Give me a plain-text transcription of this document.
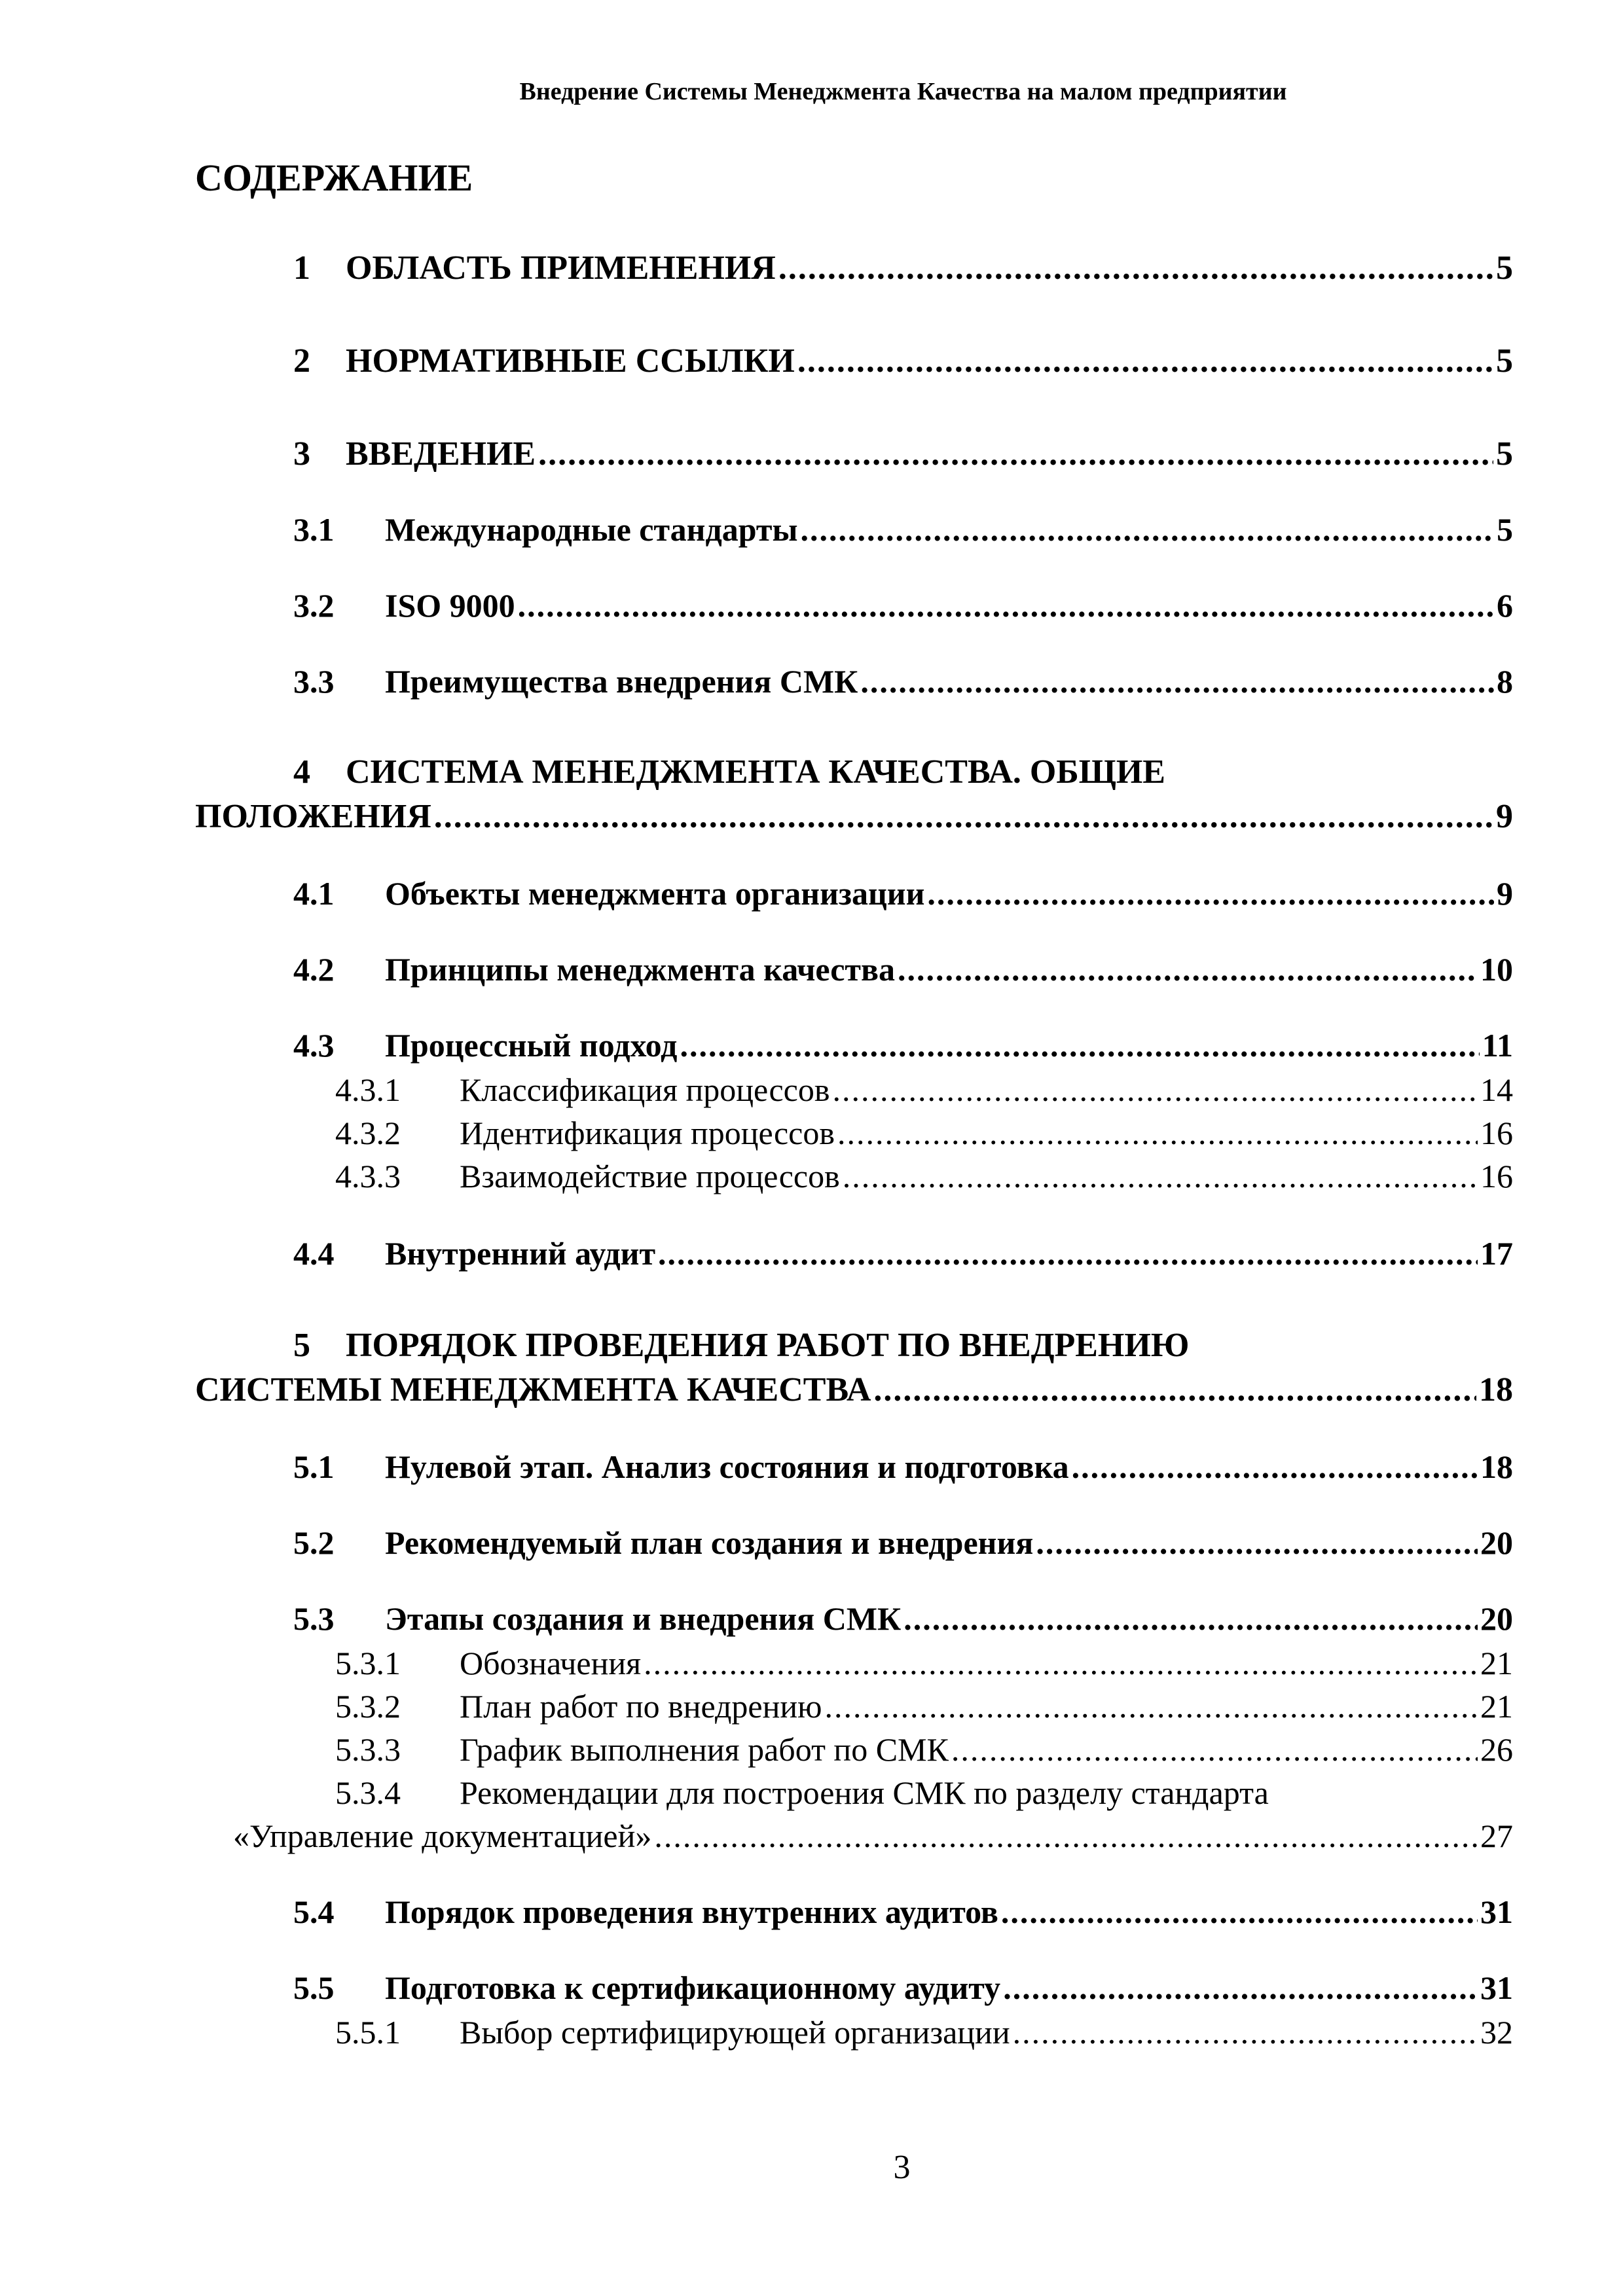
Внедрение Системы Менеджмента Качества на малом предприятии
СОДЕРЖАНИЕ
1	ОБЛАСТЬ ПРИМЕНЕНИЯ .....	5
2	НОРМАТИВНЫЕ ССЫЛКИ .....	5
3	ВВЕДЕНИЕ .....	5
3.1	Международные стандарты .....	5
3.2	ISO 9000 .....	6
3.3	Преимущества внедрения СМК .....	8
4 СИСТЕМА МЕНЕДЖМЕНТА КАЧЕСТВА. ОБЩИЕ
ПОЛОЖЕНИЯ .....	9
4.1	Объекты менеджмента организации .....	9
4.2	Принципы менеджмента качества .....	10
4.3	Процессный подход .....	11
4.3.1	Классификация процессов .....	14
4.3.2	Идентификация процессов .....	16
4.3.3	Взаимодействие процессов .....	16
4.4	Внутренний аудит .....	17
5 ПОРЯДОК ПРОВЕДЕНИЯ РАБОТ ПО ВНЕДРЕНИЮ
СИСТЕМЫ МЕНЕДЖМЕНТА КАЧЕСТВА .....	18
5.1	Нулевой этап. Анализ состояния и подготовка .....	18
5.2	Рекомендуемый план создания и внедрения .....	20
5.3	Этапы создания и внедрения СМК .....	20
5.3.1	Обозначения .....	21
5.3.2	План работ по внедрению .....	21
5.3.3	График выполнения работ по СМК .....	26
5.3.4 Рекомендации для построения СМК по разделу стандарта
«Управление документацией» .....	27
5.4	Порядок проведения внутренних аудитов .....	31
5.5	Подготовка к сертификационному аудиту .....	31
5.5.1	Выбор сертифицирующей организации .....	32
3
